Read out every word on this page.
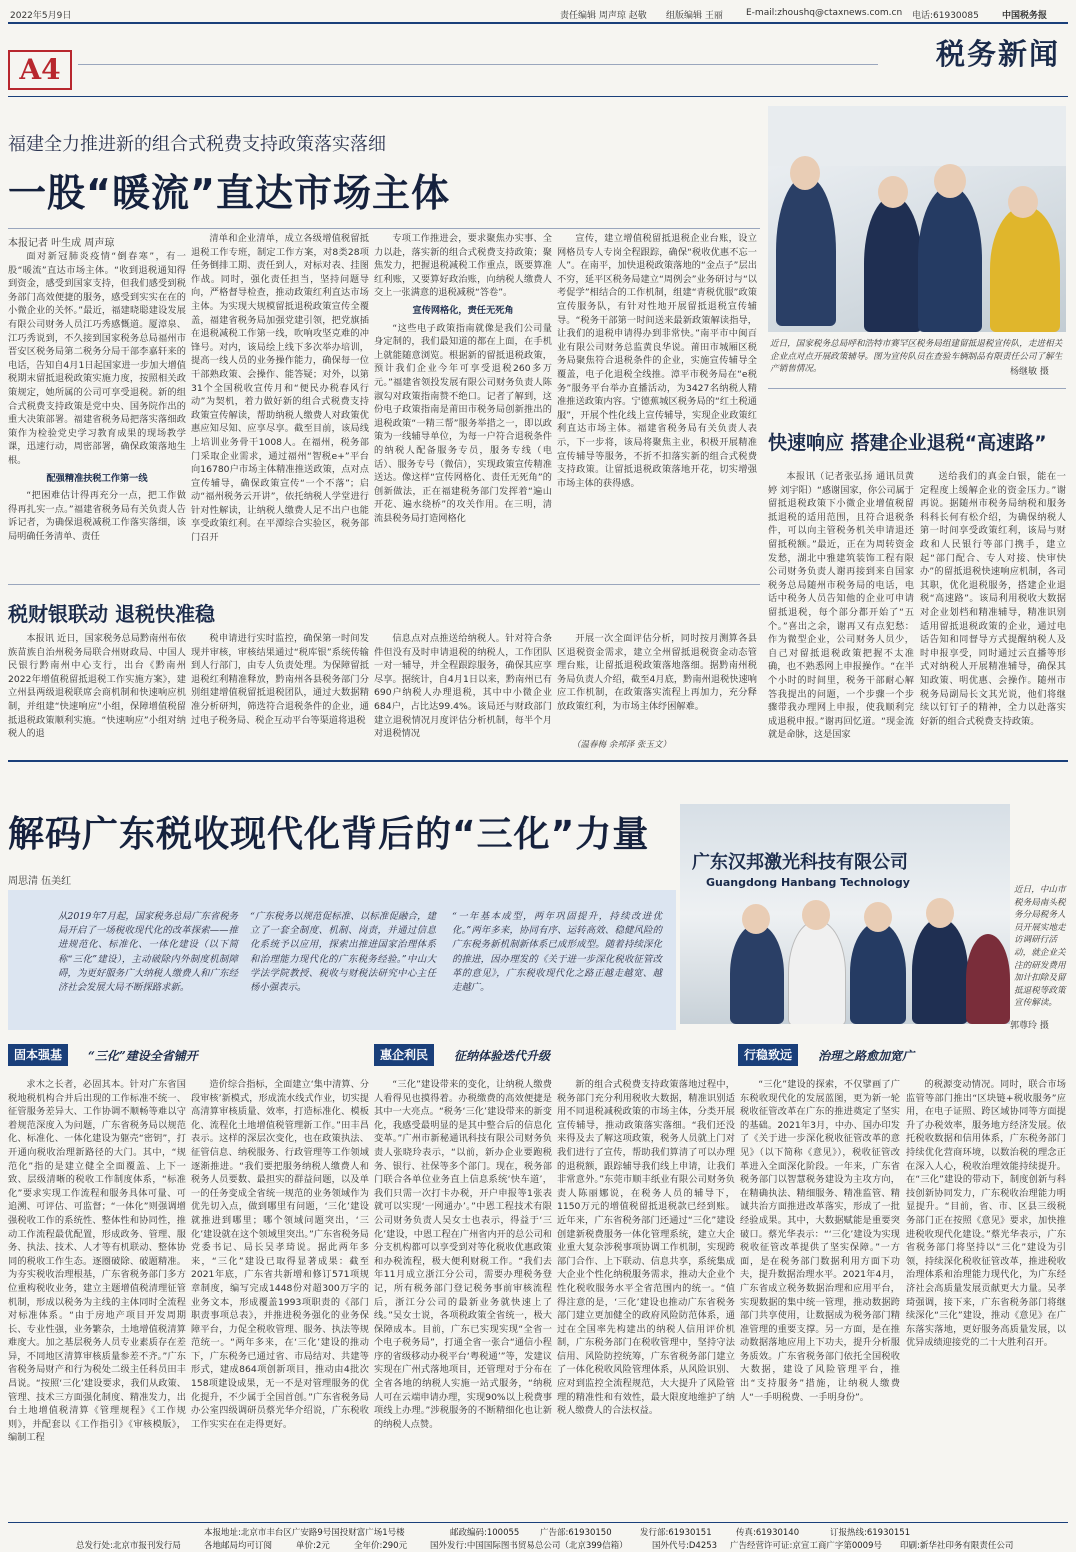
2022年5月9日	责任编辑 周声琼 赵敬 组版编辑 王丽	E-mail:zhoushq@ctaxnews.com.cn 电话:61930085	中国税务报
A4	税务新闻
福建全力推进新的组合式税费支持政策落实落细
一股“暖流”直达市场主体
本报记者 叶生成 周声琼

面对新冠肺炎疫情“倒春寒”，有一股“暖流”直达市场主体。“收到退税通知得到资金，感受到国家支持，但我们感受到税务部门高效便捷的服务，感受到实实在在的小微企业的关怀。”最近，福建晓聪建设发展有限公司财务人员江巧秀感慨道。厦漳泉、江巧秀说到，不久接到国家税务总局福州市晋安区税务局第二税务分局干部李嘉轩来的电话，告知自4月1日起国家进一步加大增值税期末留抵退税政策实施力度，按照相关政策规定，她所属的公司可享受退税。新的组合式税费支持政策是党中央、国务院作出的重大决策部署。福建省税务局把落实落细政策作为检验党史学习教育成果的现场教学课，迅速行动，周密部署，确保政策落地生根。

配强精准扶税工作第一线

“把困难估计得再充分一点，把工作做得再扎实一点。”福建省税务局有关负责人告诉记者，为确保退税减税工作落实落细，该局明确任务清单、责任

清单和企业清单，成立各级增值税留抵退税工作专班，制定工作方案，对8类28项任务倒排工期、责任到人，对标对表、挂图作战。同时，强化责任担当，坚持问题导向，严格督导检查，推动政策红利直达市场主体。为实现大规模留抵退税政策宣传全覆盖，福建省税务局加强党建引领，把党旗插在退税减税工作第一线，吹响攻坚克难的冲锋号。对内，该局绘上线下多次举办培训，提高一线人员的业务操作能力，确保每一位干部熟政策、会操作、能答疑；对外，以第31个全国税收宣传月和“便民办税春风行动”为契机，着力做好新的组合式税费支持政策宣传解读，帮助纳税人缴费人对政策优惠应知尽知、应享尽享。截至目前，该局线上培训业务骨干1008人。在福州，税务部门采取企业需求，通过福州“智税e+”平台向16780户市场主体精准推送政策，点对点宣传辅导，确保政策宣传“一个不落”；启动“福州税务云开讲”，依托纳税人学堂进行针对性解读，让纳税人缴费人足不出户也能享受政策红利。在平潭综合实验区，税务部门召开

专项工作推进会，要求聚焦办实事、全力以赴，落实新的组合式税费支持政策；聚焦发力，把握退税减税工作重点，既要算准红利账，又要算好政治账，向纳税人缴费人交上一张满意的退税减税“答卷”。

宣传网格化，责任无死角

“这些电子政策指南就像是我们公司量身定制的，我们最知道的都在上面，在手机上就能随意浏览。根据新的留抵退税政策，预计我们企业今年可享受退税260多万元。”福建省领投发展有限公司财务负责人陈淑勾对政策指南赞不绝口。记者了解到，这份电子政策指南是莆田市税务局创新推出的退税政策“一精三帮”服务举措之一，即以政策为一线辅导单位，为每一户符合退税条件的纳税人配备服务专员，服务专线（电话）、服务专号（微信），实现政策宣传精准送达。像这样“宣传网格化、责任无死角”的创新做法，正在福建税务部门发挥着“遍山开花、遍水绕桥”的攻关作用。在三明，清流县税务局打造网格化

宣传，建立增值税留抵退税企业台账，设立网格员专人专岗全程跟踪，确保“税收优惠不忘一人”。在南平，加快退税政策落地的“金点子”层出不穷，延平区税务局建立“周例会”业务研讨与“以考促学”相结合的工作机制，组建“青税优服”政策宣传服务队，有针对性地开展留抵退税宣传辅导。“税务干部第一时间送来最新政策解读指导，让我们的退税申请得办到非常快。”南平市中闽百业有限公司财务总监黄良华说。莆田市城厢区税务局聚焦符合退税条件的企业，实施宣传辅导全覆盖，电子化退税全线推。漳平市税务局在“e税务”服务平台举办直播活动，为3427名纳税人精准推送政策内容。宁德蕉城区税务局的“红土税通服”，开展个性化线上宣传辅导，实现企业政策红利直达市场主体。福建省税务局有关负责人表示，下一步将，该局将聚焦主业，积极开展精准宣传辅导等服务，不折不扣落实新的组合式税费支持政策。让留抵退税政策落地开花，切实增强市场主体的获得感。

近日，国家税务总局呼和浩特市赛罕区税务局组建留抵退税宣传队，走进相关企业点对点开展政策辅导。图为宣传队员在查验车辆制品有限责任公司了解生产销售情况。	杨继敏 摄
快速响应 搭建企业退税“高速路”

本报讯（记者张弘扬 通讯员黄婷 刘宇阳）“感谢国家，你公司属于留抵退税政策下小微企业增值税留抵退税的适用范围，且符合退税条件，可以向主管税务机关申请退还留抵税额。”最近，正在为周转资金发愁，湖北中雅建筑装饰工程有限公司财务负责人谢再接到来自国家税务总局随州市税务局的电话，电话中税务人员告知他的企业可申请留抵退税，每个部分都开始了“五个。”喜出之余，谢再又有点犯愁：作为微型企业，公司财务人员少，自己对留抵退税政策把握不太准确，也不熟悉网上申报操作。“在半个小时的时间里，税务干部耐心解答我提出的问题，一个步骤一个步骤带我办理网上申报，使我顺利完成退税申报。”谢再回忆道。“现金流就是命脉，这是国家

送给我们的真金白银，能在一定程度上缓解企业的资金压力。”谢再说。据随州市税务局纳税和服务科科长何有松介绍，为确保纳税人第一时间享受政策红利，该局与财政和人民银行等部门携手，建立起“部门配合、专人对接、快审快办”的留抵退税快速响应机制，各司其职，优化退税服务，搭建企业退税“高速路”。该局利用税收大数据对企业划档和精准辅导，精准识别适用留抵退税政策的企业，通过电话告知和同督导方式提醒纳税人及时申报享受，同时通过云直播等形式对纳税人开展精准辅导，确保其知政策、明优惠、会操作。随州市税务局副局长文其光说，他们将继续以钉钉子的精神，全力以赴落实好新的组合式税费支持政策。

税财银联动 退税快准稳

本报讯 近日，国家税务总局黔南州布依族苗族自治州税务局联合州财政局、中国人民银行黔南州中心支行，出台《黔南州2022年增值税留抵退税工作实施方案》，建立州县两级退税联席会商机制和快速响应机制，并组建“快速响应”小组，保障增值税留抵退税政策顺利实施。“快速响应”小组对纳税人的退

税申请进行实时监控，确保第一时间发现并审核，审核结果通过“税库银”系统传输到人行部门，由专人负责处理。为保障留抵退税红利精准释放，黔南州各县税务部门分别组建增值税留抵退税团队，通过大数据精准分析研判，筛选符合退税条件的企业，通过电子税务局、税企互动平台等渠道将退税

信息点对点推送给纳税人。针对符合条件但没有及时申请退税的纳税人，工作团队一对一辅导，并全程跟踪服务，确保其应享尽享。据统计，自4月1日以来，黔南州已有690户纳税人办理退税，其中中小微企业684户，占比达99.4%。该局还与财政部门建立退税情况月度评估分析机制，每半个月对退税情况

开展一次全面评估分析，同时按月测算各县区退税资金需求，建立全州留抵退税资金动态管理台账，让留抵退税政策落地落细。据黔南州税务局负责人介绍，截至4月底，黔南州退税快速响应工作机制，在政策落实流程上再加力，充分释放政策红利，为市场主体纾困解难。

（温春梅 余邦泽 张玉文）
解码广东税收现代化背后的“三化”力量
周思清 伍美红
广东汉邦激光科技有限公司
Guangdong Hanbang Technology
近日，中山市税务局南头税务分局税务人员开展实地走访调研行活动，就企业关注的研发费用加计扣除及留抵退税等政策宣传解读。
郭尊玲 摄
从2019年7月起，国家税务总局广东省税务局开启了一场税收现代化的改革探索——推进规范化、标准化、一体化建设（以下简称“三化”建设），主动破除内外制度机制障碍，为更好服务广大纳税人缴费人和广东经济社会发展大局不断探路求新。
“广东税务以规范促标准、以标准促融合，建立了一套全制度、机制、岗责，并通过信息化系统予以应用，探索出推进国家治理体系和治理能力现代化的广东税务经验。”中山大学法学院教授、税收与财税法研究中心主任杨小强表示。
“一年基本成型，两年巩固提升，持续改进优化。”两年多来，协同有序、运转高效、稳健风险的广东税务新机制新体系已成形成型。随着持续深化的推进，因办理发的《关于进一步深化税收征管改革的意见》，广东税收现代化之路正越走越宽、越走越广。
固本强基	“三化”建设全省铺开	惠企利民	征纳体验迭代升级	行稳致远	治理之路愈加宽广

求木之长者，必固其本。针对广东省国税地税机构合并后出现的工作标准不统一、征管服务差异大、工作协调不顺畅等难以守着规范深度入为问题，广东省税务局以规范化、标准化、一体化建设为躯壳“密钥”，打开通向税收治理新路径的大门。其中，“规范化”指的是建立健全全面覆盖、上下一致、层级清晰的税收工作制度体系，“标准化”要求实现工作流程和服务具体可量、可追溯、可评估、可监督；“一体化”则强调增强税收工作的系统性、整体性和协同性，推动工作流程最优配置，形成政务、管理、服务、执法、技术、人才等有机联动、整体协同的税收工作生态。逐圈破除、破题精准。为夯实税收治理根基，广东省税务部门多方位重构税收业务，建立主题增值税清理征管机制，形成以税务为主线的主体同时全流程对标准体系。“由于房地产项目开发周期长、专业性强，业务繁杂，土地增值税清算难度大。加之基层税务人员专业素质存在差异，不同地区清算审核质量参差不齐。”广东省税务局财产和行为税处二级主任科员田丰昌说。“按照‘三化’建设要求，我们从政策、管理、技术三方面强化制度、精准发力，出台土地增值税清算《管理规程》《工作规则》，并配套以《工作指引》《审核模版》，编制工程

造价综合指标，全面建立‘集中清算、分段审核’新模式，形成流水线式作业，切实提高清算审核质量、效率，打造标准化、模板化、流程化土地增值税管理新工作。”田丰昌表示。这样的深层次变化，也在政策执法、征管信息、纳税服务、行政管理等工作领域逐渐推进。“我们要把服务纳税人缴费人和税务人员要数、最担实的群益问题，以及单一的任务变成全省统一规范的业务领域作为优先切入点，做到哪里有问题，‘三化’建设就推进到哪里；哪个领域问题突出，‘三化’建设就在这个领域里突出。”广东省税务局党委书记、局长吴孝琦说。据此两年多来，“三化”建设已取得显著成果：截至2021年底，广东省共新增和修订571项规章制度，编写完成1448份对超300万字的业务文本，形成覆盖1993项职责的《部门职责事项总表》，并推进税务强化的业务保障平台，力促全税收管理、服务、执法等规范统一。“两年多来，在‘三化’建设的推动下，广东税务已通过省、市局结对、共建等形式，建成864项创新项目，推动由4批次158项建设成果，无一不是对管理服务的优化提升，不少属于全国首创。”广东省税务局办公室四级调研员蔡光华介绍说，广东税收工作实实在在走得更好。

“三化”建设带来的变化，让纳税人缴费人看得见也摸得着。办税缴费的高效便捷是其中一大亮点。“税务‘三化’建设带来的新变化，我感受最明显的是其中整合后的信息化变革。”广州市新秘通讯科技有限公司财务负责人张晓玲表示，“以前，新办企业要跑税务、银行、社保等多个部门。现在，税务部门联合各单位业务直上信息系统‘快车道’，我们只需一次打卡办税，开户申报等1张表就可以实现‘一网通办’。”中恩工程技术有限公司财务负责人吴女士也表示，得益于‘三化’建设，中恩工程在广州省内开的总公司和分支机构都可以享受到对等化税收优惠政策和办税流程，极大便利财税工作。“我们去年11月成立浙江分公司，需要办理税务登记，所有税务部门登记税务事前审核流程后，浙江分公司的最新业务就快速上了线。”吴女士说，各项税政策全省统一，极大保障成本。目前，广东已实现实现“全省一个电子税务局”，打通全省一张合“通信小程序的省级移动办税平台‘粤税通’”等，发建议实现在广州式落地项目，还管理对于分布在全省各地的纳税人实施一站式服务，“纳税人可在云端申请办理，实现90%以上税费事项线上办理。”涉税服务的不断精细化也让新的纳税人点赞。

新的组合式税费支持政策落地过程中，税务部门充分利用税收大数据，精准识别适用不同退税减税政策的市场主体，分类开展宣传辅导，推动政策落实落细。“我们还没来得及去了解这项政策，税务人员就上门对我们进行了宣传，帮助我们算清了可以办理的退税额，跟踪辅导我们线上申请，让我们非常意外。”东莞市顺丰纸业有限公司财务负责人陈丽娜说，在税务人员的辅导下，1150万元的增值税留抵退税款已经到账。近年来，广东省税务部门还通过“三化”建设创建新税费服务一体化管理系统，建立大企业重大复杂涉税事项协调工作机制，实现跨部门合作、上下联动、信息共享，系统集成大企业个性化纳税服务需求，推动大企业个性化税收服务水平全省范围内的统一。“值得注意的是，‘三化’建设也推动广东省税务部门建立更加健全的政府风险防范体系，通过在全国率先构建出的纳税人信用评价机制，广东税务部门在税收管理中，坚持守法信用、风险防控统筹，广东省税务部门建立了一体化税收风险管理体系，从风险识别、应对到监控全流程规范，大大提升了风险管理的精准性和有效性，最大限度地维护了纳税人缴费人的合法权益。

“三化”建设的探索，不仅擘画了广东税收现代化的发展蓝图，更为新一轮税收征管改革在广东的推进奠定了坚实的基础。2021年3月，中办、国办印发了《关于进一步深化税收征管改革的意见》（以下简称《意见》），税收征管改革进入全面深化阶段。一年来，广东省税务部门以智慧税务建设为主攻方向，在精确执法、精细服务、精准监管、精诚共治方面推进改革落实，形成了一批经验成果。其中，大数据赋能是重要突破口。蔡光华表示：“‘三化’建设为实现税收征管改革提供了坚实保障。”一方面，是在税务部门数据利用方面下功夫，提升数据治理水平。2021年4月，广东省成立税务数据治理和应用平台，实现数据的集中统一管理，推动数据跨部门共享使用，让数据成为税务部门精准管理的重要支撑。另一方面，是在推动数据落地应用上下功夫，提升分析服务质效。广东省税务部门依托全国税收大数据，建设了风险管理平台，推出“支持服务”措施，让纳税人缴费人“一手明税费、一手明身份”。

的税源变动情况。同时，联合市场监管等部门推出“区块链+税收服务”应用，在电子证照、跨区域协同等方面提升了办税效率，服务地方经济发展。依托税收数据和信用体系，广东税务部门持续优化营商环境，以数治税的理念正在深入人心，税收治理效能持续提升。在“三化”建设的带动下，制度创新与科技创新协同发力，广东税收治理能力明显提升。“目前，省、市、区县三级税务部门正在按照《意见》要求，加快推进税收现代化建设。”蔡光华表示，广东省税务部门将坚持以“三化”建设为引领，持续深化税收征管改革，推进税收治理体系和治理能力现代化，为广东经济社会高质量发展贡献更大力量。吴孝琦强调，接下来，广东省税务部门将继续深化“三化”建设，推动《意见》在广东落实落地，更好服务高质量发展，以优异成绩迎接党的二十大胜利召开。

本报地址:北京市丰台区广安路9号国投财富广场1号楼	邮政编码:100055 广告部:61930150	发行部:61930151	传真:61930140	订报热线:61930151
总发行处:北京市报刊发行局	各地邮局均可订阅	单价:2元	全年价:290元	国外发行:中国国际图书贸易总公司（北京399信箱）	国外代号:D4253 广告经营许可证:京宣工商广字第0009号 印刷:新华社印务有限责任公司
